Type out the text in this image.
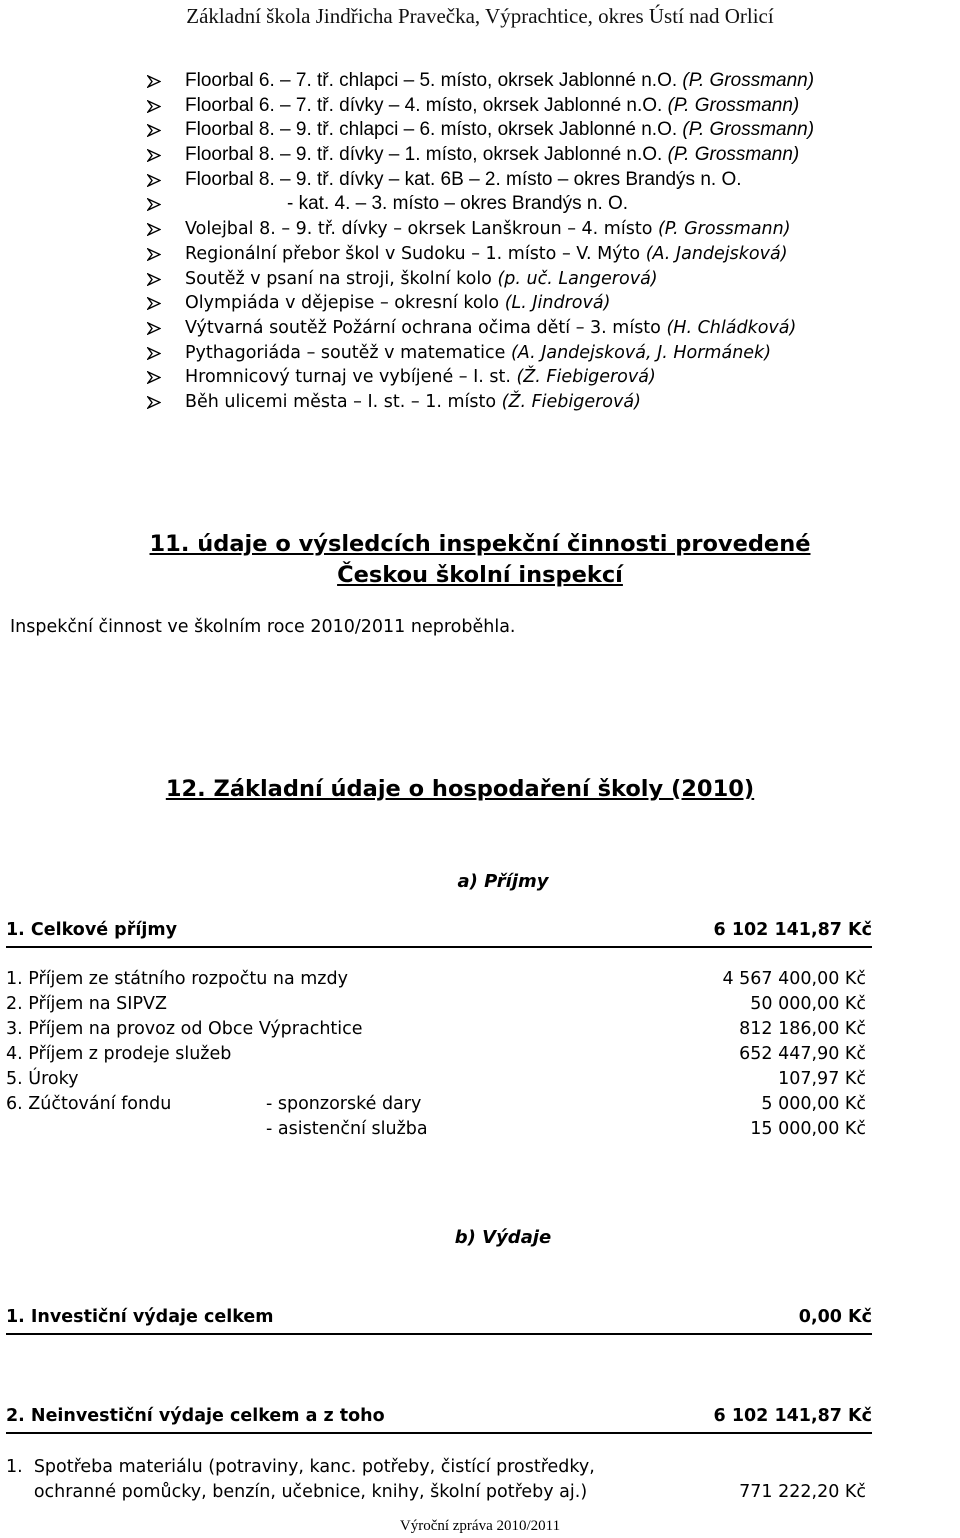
Základní škola Jindřicha Pravečka, Výprachtice, okres Ústí nad Orlicí
Floorbal 6. – 7. tř. chlapci – 5. místo, okrsek Jablonné n.O. (P. Grossmann)
Floorbal 6. – 7. tř. dívky – 4. místo, okrsek Jablonné n.O. (P. Grossmann)
Floorbal 8. – 9. tř. chlapci – 6. místo, okrsek Jablonné n.O. (P. Grossmann)
Floorbal 8. – 9. tř. dívky – 1. místo, okrsek Jablonné n.O. (P. Grossmann)
Floorbal 8. – 9. tř. dívky – kat. 6B – 2. místo – okres Brandýs n. O.
- kat. 4. – 3. místo – okres Brandýs n. O.
Volejbal 8. – 9. tř. dívky – okrsek Lanškroun – 4. místo (P. Grossmann)
Regionální přebor škol v Sudoku – 1. místo – V. Mýto (A. Jandejsková)
Soutěž v psaní na stroji, školní kolo (p. uč. Langerová)
Olympiáda v dějepise – okresní kolo (L. Jindrová)
Výtvarná soutěž Požární ochrana očima dětí – 3. místo (H. Chládková)
Pythagoriáda – soutěž v matematice (A. Jandejsková, J. Hormánek)
Hromnicový turnaj ve vybíjené – I. st. (Ž. Fiebigerová)
Běh ulicemi města – I. st. – 1. místo (Ž. Fiebigerová)
11. údaje o výsledcích inspekční činnosti provedené
Českou školní inspekcí
Inspekční činnost ve školním roce 2010/2011 neproběhla.
12. Základní údaje o hospodaření školy (2010)
a) Příjmy
1. Celkové příjmy	6 102 141,87 Kč
1. Příjem ze státního rozpočtu na mzdy	4 567 400,00 Kč
2. Příjem na SIPVZ	50 000,00 Kč
3. Příjem na provoz od Obce Výprachtice	812 186,00 Kč
4. Příjem z prodeje služeb	652 447,90 Kč
5. Úroky	107,97 Kč
6. Zúčtování fondu	- sponzorské dary	5 000,00 Kč
- asistenční služba	15 000,00 Kč
b) Výdaje
1. Investiční výdaje celkem	0,00 Kč
2. Neinvestiční výdaje celkem a z toho	6 102 141,87 Kč
1.  Spotřeba materiálu (potraviny, kanc. potřeby, čistící prostředky,
ochranné pomůcky, benzín, učebnice, knihy, školní potřeby aj.)	771 222,20 Kč
Výroční zpráva 2010/2011
